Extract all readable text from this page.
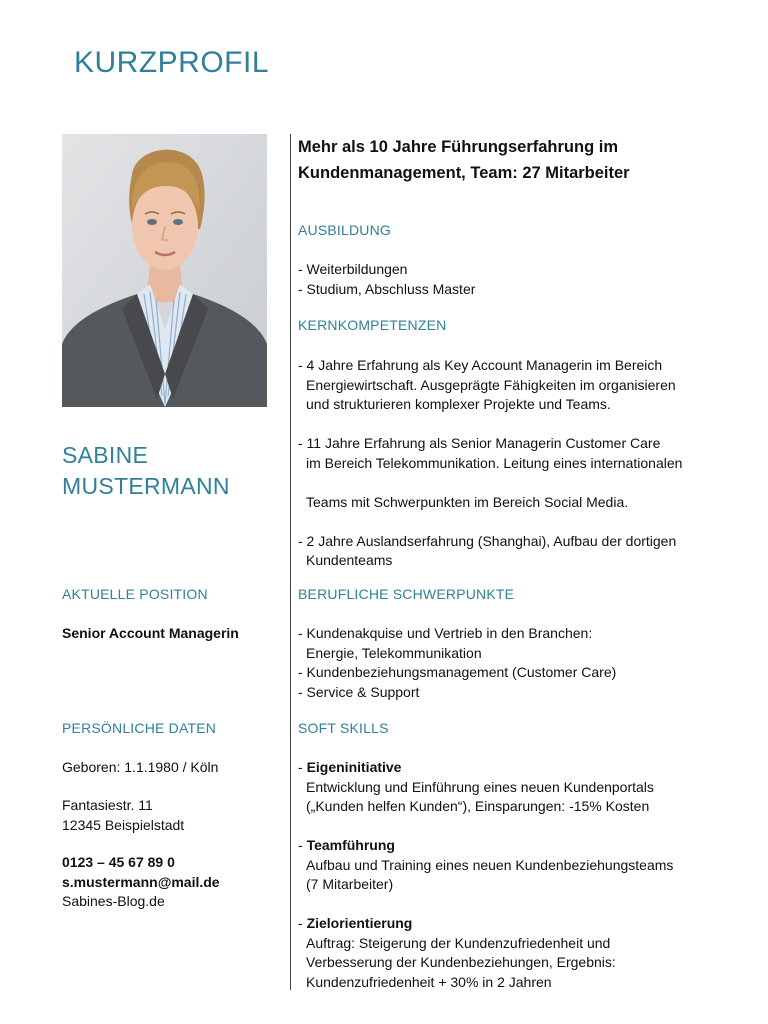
KURZPROFIL
SABINE
MUSTERMANN
AKTUELLE POSITION
Senior Account Managerin
PERSÖNLICHE DATEN
Geboren: 1.1.1980 / Köln
Fantasiestr. 11
12345 Beispielstadt
0123 – 45 67 89 0
s.mustermann@mail.de
Sabines-Blog.de
Mehr als 10 Jahre Führungserfahrung im
Kundenmanagement, Team: 27 Mitarbeiter
AUSBILDUNG
- Weiterbildungen
- Studium, Abschluss Master
KERNKOMPETENZEN
- 4 Jahre Erfahrung als Key Account Managerin im Bereich
Energiewirtschaft. Ausgeprägte Fähigkeiten im organisieren
und strukturieren komplexer Projekte und Teams.
- 11 Jahre Erfahrung als Senior Managerin Customer Care
im Bereich Telekommunikation. Leitung eines internationalen
Teams mit Schwerpunkten im Bereich Social Media.
- 2 Jahre Auslandserfahrung (Shanghai), Aufbau der dortigen
Kundenteams
BERUFLICHE SCHWERPUNKTE
- Kundenakquise und Vertrieb in den Branchen:
Energie, Telekommunikation
- Kundenbeziehungsmanagement (Customer Care)
- Service & Support
SOFT SKILLS
- Eigeninitiative
Entwicklung und Einführung eines neuen Kundenportals
(„Kunden helfen Kunden“), Einsparungen: -15% Kosten
- Teamführung
Aufbau und Training eines neuen Kundenbeziehungsteams
(7 Mitarbeiter)
- Zielorientierung
Auftrag: Steigerung der Kundenzufriedenheit und
Verbesserung der Kundenbeziehungen, Ergebnis:
Kundenzufriedenheit + 30% in 2 Jahren
